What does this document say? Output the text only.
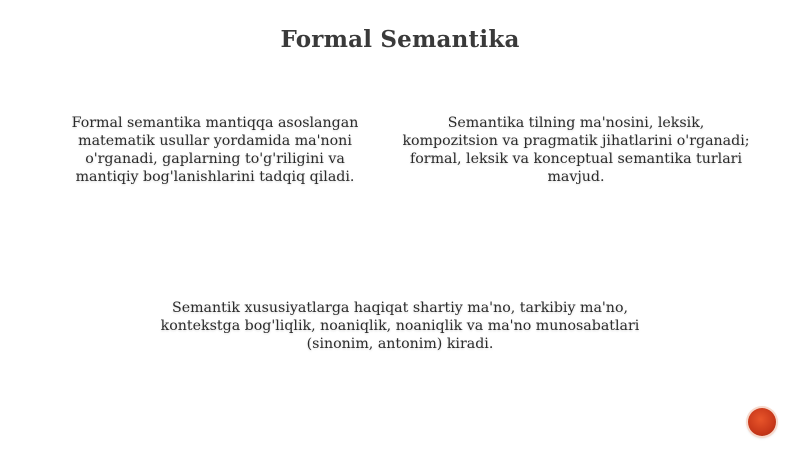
Formal Semantika
Formal semantika mantiqqa asoslangan matematik usullar yordamida ma'noni o'rganadi, gaplarning to'g'riligini va mantiqiy bog'lanishlarini tadqiq qiladi.
Semantika tilning ma'nosini, leksik, kompozitsion va pragmatik jihatlarini o'rganadi; formal, leksik va konceptual semantika turlari mavjud.
Semantik xususiyatlarga haqiqat shartiy ma'no, tarkibiy ma'no, kontekstga bog'liqlik, noaniqlik, noaniqlik va ma'no munosabatlari (sinonim, antonim) kiradi.
